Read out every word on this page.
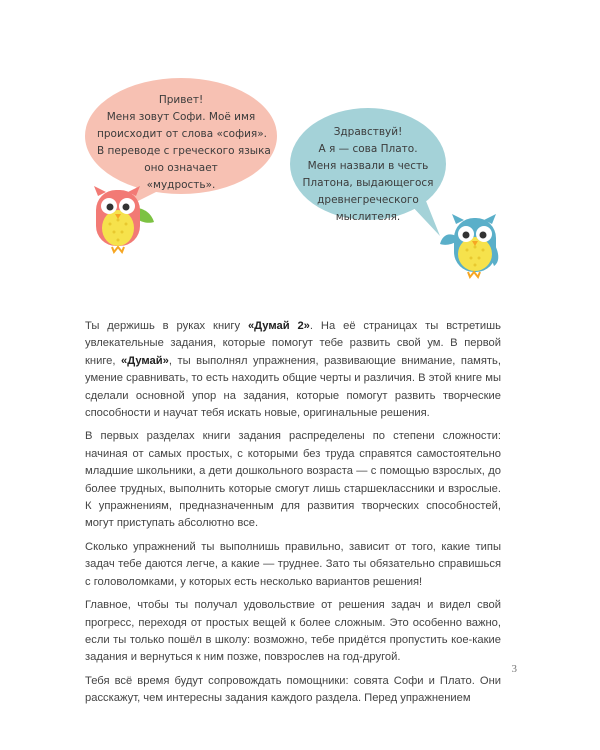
Привет!
Меня зовут Софи. Моё имя
происходит от слова «софия».
В переводе с греческого языка
оно означает
«мудрость».
Здравствуй!
А я — сова Плато.
Меня назвали в честь
Платона, выдающегося
древнегреческого
мыслителя.

Ты держишь в руках книгу «Думай 2». На её страницах ты встретишь увлекательные задания, которые помогут тебе развить свой ум. В первой книге, «Думай», ты выполнял упражнения, развивающие внимание, память, умение сравнивать, то есть находить общие черты и различия. В этой книге мы сделали основной упор на задания, которые помогут развить творческие способности и научат тебя искать новые, оригинальные решения.

В первых разделах книги задания распределены по степени сложности: начиная от самых простых, с которыми без труда справятся самостоятельно младшие школьники, а дети дошкольного возраста — с помощью взрослых, до более трудных, выполнить которые смогут лишь старшеклассники и взрослые. К упражнениям, предназначенным для развития творческих способностей, могут приступать абсолютно все.

Сколько упражнений ты выполнишь правильно, зависит от того, какие типы задач тебе даются легче, а какие — труднее. Зато ты обязательно справишься с головоломками, у которых есть несколько вариантов решения!

Главное, чтобы ты получал удовольствие от решения задач и видел свой прогресс, переходя от простых вещей к более сложным. Это особенно важно, если ты только пошёл в школу: возможно, тебе придётся пропустить кое-какие задания и вернуться к ним позже, повзрослев на год-другой.

Тебя всё время будут сопровождать помощники: совята Софи и Плато. Они расскажут, чем интересны задания каждого раздела. Перед упражнением

3
